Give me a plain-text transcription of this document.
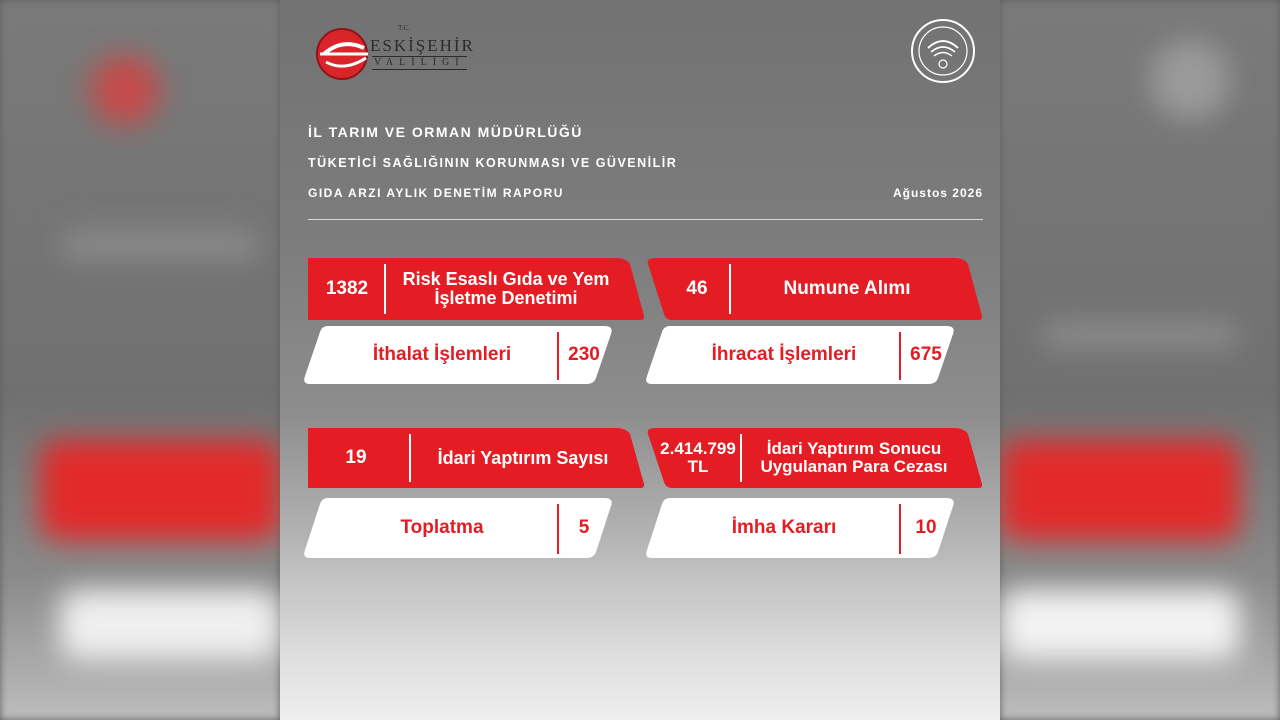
T.C.
ESKİŞEHİR
VALİLİĞİ
İL TARIM VE ORMAN MÜDÜRLÜĞÜ
TÜKETİCİ SAĞLIĞININ KORUNMASI VE GÜVENİLİR
GIDA ARZI AYLIK DENETİM RAPORU	Ağustos 2026
1382	Risk Esaslı Gıda ve Yem İşletme Denetimi	46	Numune Alımı
İthalat İşlemleri	230	İhracat İşlemleri	675
19	İdari Yaptırım Sayısı	2.414.799 TL
İdari Yaptırım Sonucu Uygulanan Para Cezası
Toplatma	5	İmha Kararı	10
